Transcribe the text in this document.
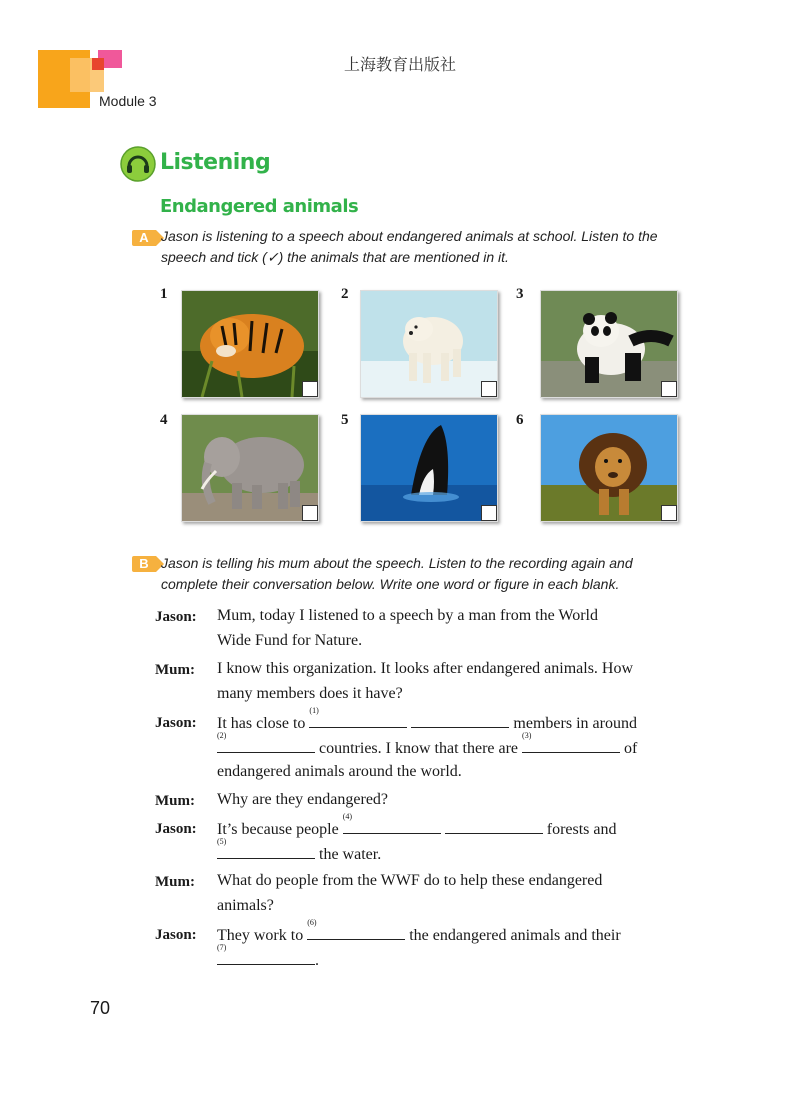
上海教育出版社
Module 3
Listening
Endangered animals
A Jason is listening to a speech about endangered animals at school. Listen to the
speech and tick (✓) the animals that are mentioned in it.
1	2	3
4	5	6
B Jason is telling his mum about the speech. Listen to the recording again and
complete their conversation below. Write one word or figure in each blank.
Jason:	Mum, today I listened to a speech by a man from the World
Wide Fund for Nature.
Mum:	I know this organization. It looks after endangered animals. How
many members does it have?
Jason:	It has close to
(1)
members in around
(2)
countries. I know that there are
(3)
of
endangered animals around the world.
Mum:	Why are they endangered?
Jason:	It’s because people
(4)
forests and
(5)
the water.
Mum:	What do people from the WWF do to help these endangered
animals?
Jason:	They work to
(6)
the endangered animals and their
(7)
.
70
